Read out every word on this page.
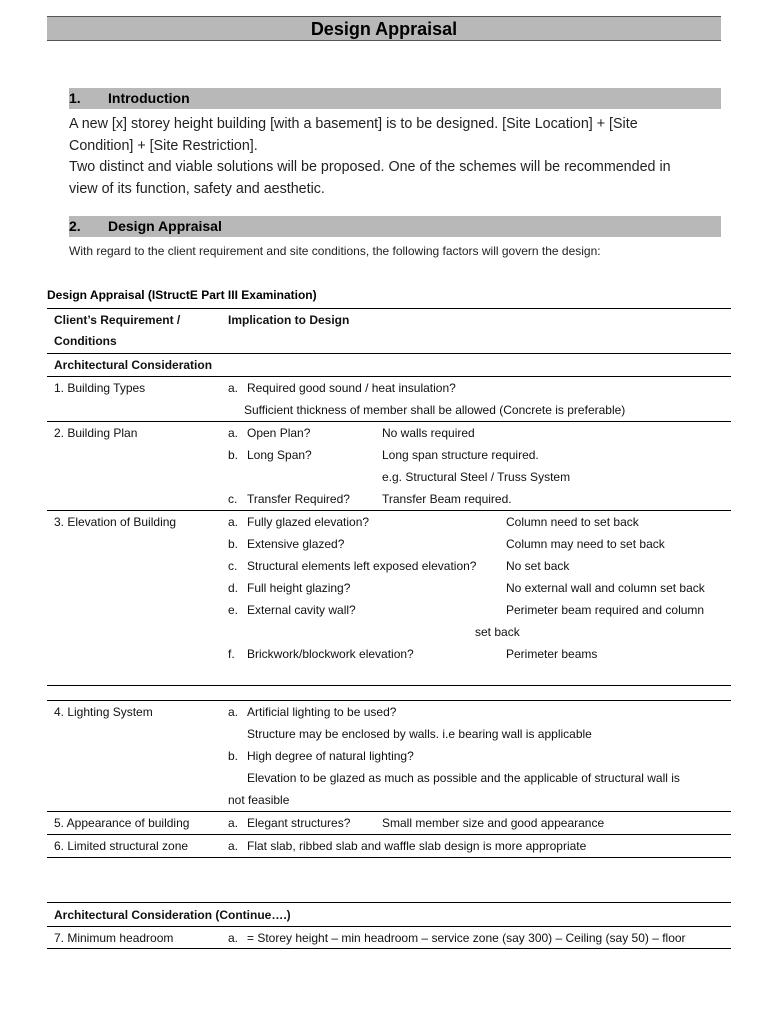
Design Appraisal
1. Introduction
A new [x] storey height building [with a basement] is to be designed. [Site Location] + [Site
Condition] + [Site Restriction].
Two distinct and viable solutions will be proposed. One of the schemes will be recommended in
view of its function, safety and aesthetic.
2. Design Appraisal
With regard to the client requirement and site conditions, the following factors will govern the design:
Design Appraisal (IStructE Part III Examination)
Client’s Requirement /
Conditions
Implication to Design
Architectural Consideration
1. Building Types	a. Required good sound / heat insulation?
Sufficient thickness of member shall be allowed (Concrete is preferable)
2. Building Plan	a. Open Plan?	No walls required
b. Long Span?	Long span structure required.
e.g. Structural Steel / Truss System
c. Transfer Required?	Transfer Beam required.
3. Elevation of Building	a. Fully glazed elevation?	Column need to set back
b. Extensive glazed?	Column may need to set back
c. Structural elements left exposed elevation? No set back
d. Full height glazing?	No external wall and column set back
e. External cavity wall?	Perimeter beam required and column
set back
f. Brickwork/blockwork elevation?	Perimeter beams
4. Lighting System	a. Artificial lighting to be used?
Structure may be enclosed by walls. i.e bearing wall is applicable
b. High degree of natural lighting?
Elevation to be glazed as much as possible and the applicable of structural wall is
not feasible
5. Appearance of building	a. Elegant structures?	Small member size and good appearance
6. Limited structural zone	a. Flat slab, ribbed slab and waffle slab design is more appropriate
Architectural Consideration (Continue….)
7. Minimum headroom	a. = Storey height – min headroom – service zone (say 300) – Ceiling (say 50) – floor
